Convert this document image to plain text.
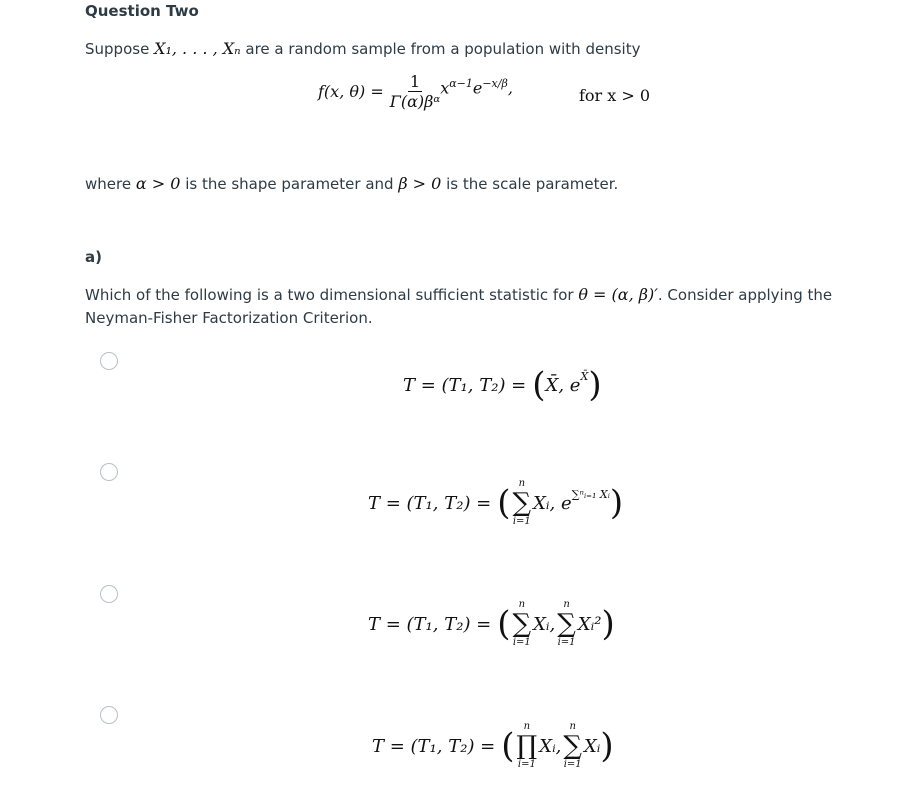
Question Two
Suppose X₁, . . . , Xₙ are a random sample from a population with density
f(x, $\theta) = \frac{1}{\text{Γ(α)βᵅ}} x^{\alpha-1}e^{-x/\beta}$,	for x > 0
where α > 0 is the shape parameter and β > 0 is the scale parameter.
a)
Which of the following is a two dimensional sufficient statistic for θ = (α, β)′. Consider applying the Neyman-Fisher Factorization Criterion.
T = (T₁, T₂) = ( X̄, $e^{X̄}$ )
T = (T₁, T₂) = ( n
∑
i=1
Xᵢ, $e^{\sum^nᵢ_{=1} Xᵢ}$ )
T = (T₁, T₂) = ( n
∑
i=1
Xᵢ,
n
∑
i=1
Xᵢ² )
T = (T₁, T₂) = ( n
∏
i=1
Xᵢ,
n
∑
i=1
Xᵢ )
